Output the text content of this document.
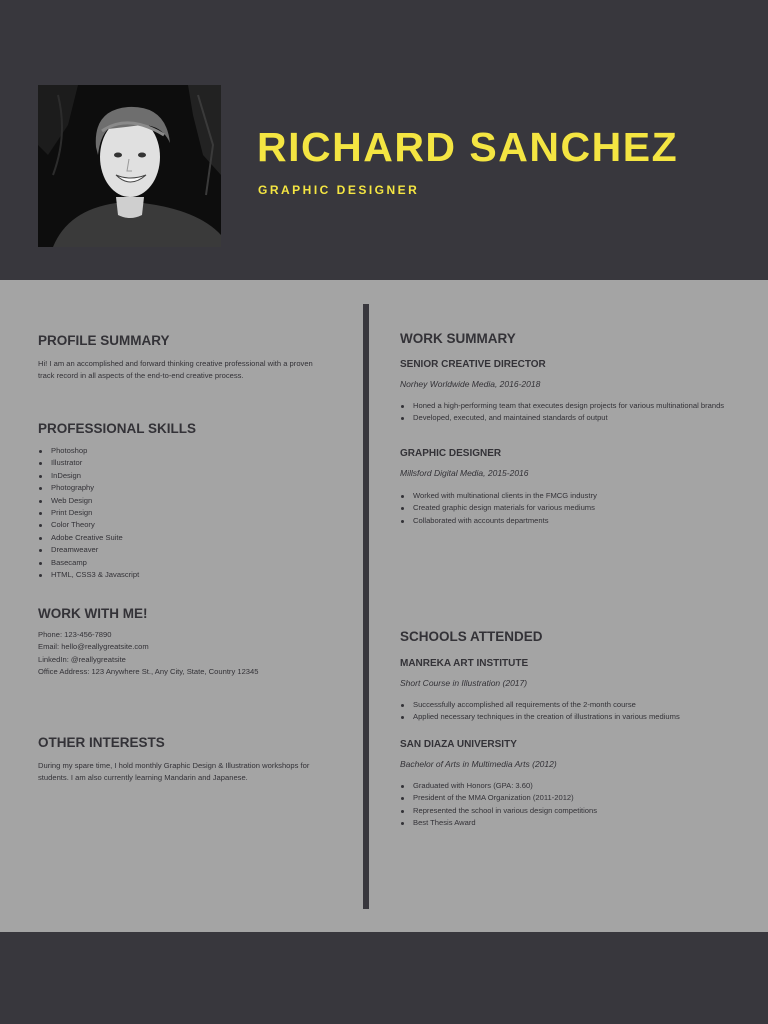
RICHARD SANCHEZ
GRAPHIC DESIGNER
PROFILE SUMMARY

Hi! I am an accomplished and forward thinking creative professional with a proven track record in all aspects of the end-to-end creative process.

PROFESSIONAL SKILLS
Photoshop
Illustrator
InDesign
Photography
Web Design
Print Design
Color Theory
Adobe Creative Suite
Dreamweaver
Basecamp
HTML, CSS3 & Javascript
WORK WITH ME!
Phone: 123-456-7890
Email: hello@reallygreatsite.com
LinkedIn: @reallygreatsite
Office Address: 123 Anywhere St., Any City, State, Country 12345
OTHER INTERESTS

During my spare time, I hold monthly Graphic Design & Illustration workshops for students. I am also currently learning Mandarin and Japanese.

WORK SUMMARY
SENIOR CREATIVE DIRECTOR
Norhey Worldwide Media, 2016-2018
Honed a high-performing team that executes design projects for various multinational brands
Developed, executed, and maintained standards of output
GRAPHIC DESIGNER
Millsford Digital Media, 2015-2016
Worked with multinational clients in the FMCG industry
Created graphic design materials for various mediums
Collaborated with accounts departments
SCHOOLS ATTENDED
MANREKA ART INSTITUTE
Short Course in Illustration (2017)
Successfully accomplished all requirements of the 2-month course
Applied necessary techniques in the creation of illustrations in various mediums
SAN DIAZA UNIVERSITY
Bachelor of Arts in Multimedia Arts (2012)
Graduated with Honors (GPA: 3.60)
President of the MMA Organization (2011-2012)
Represented the school in various design competitions
Best Thesis Award
